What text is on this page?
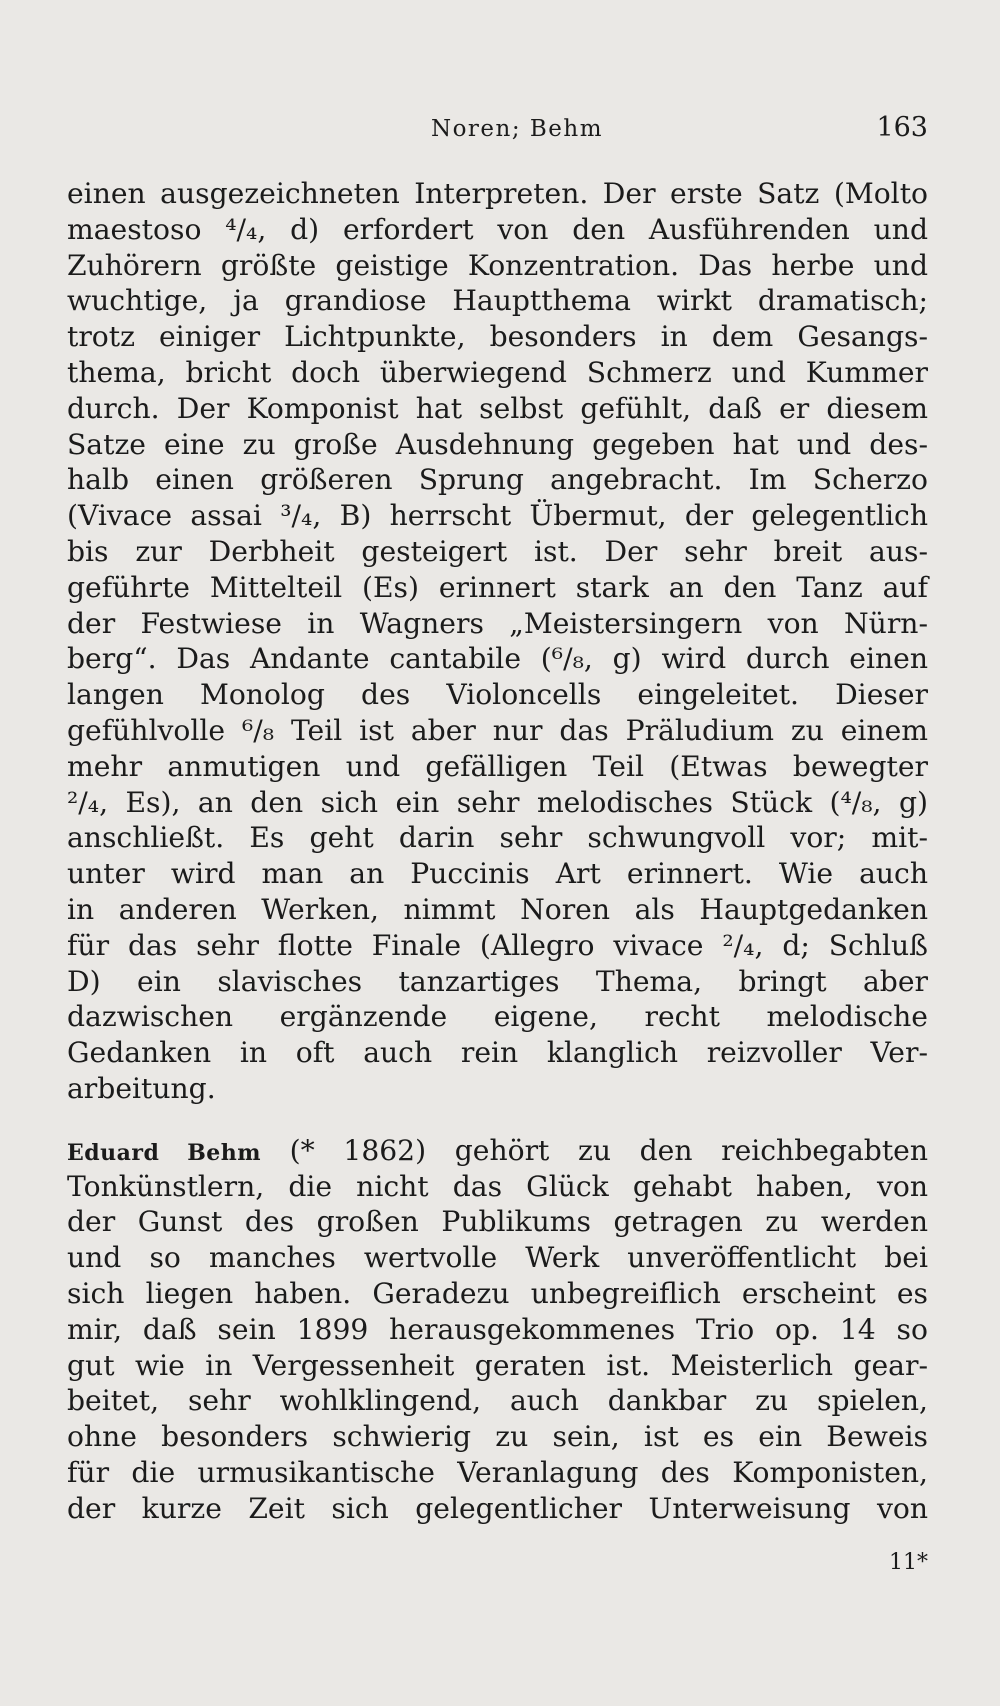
Noren; Behm	163
einen ausgezeichneten Interpreten. Der erste Satz (Molto
maestoso ⁴/₄, d) erfordert von den Ausführenden und
Zuhörern größte geistige Konzentration. Das herbe und
wuchtige, ja grandiose Hauptthema wirkt dramatisch;
trotz einiger Lichtpunkte, besonders in dem Gesangs-
thema, bricht doch überwiegend Schmerz und Kummer
durch. Der Komponist hat selbst gefühlt, daß er diesem
Satze eine zu große Ausdehnung gegeben hat und des-
halb einen größeren Sprung angebracht. Im Scherzo
(Vivace assai ³/₄, B) herrscht Übermut, der gelegentlich
bis zur Derbheit gesteigert ist. Der sehr breit aus-
geführte Mittelteil (Es) erinnert stark an den Tanz auf
der Festwiese in Wagners „Meistersingern von Nürn-
berg“. Das Andante cantabile (⁶/₈, g) wird durch einen
langen Monolog des Violoncells eingeleitet. Dieser
gefühlvolle ⁶/₈ Teil ist aber nur das Präludium zu einem
mehr anmutigen und gefälligen Teil (Etwas bewegter
²/₄, Es), an den sich ein sehr melodisches Stück (⁴/₈, g)
anschließt. Es geht darin sehr schwungvoll vor; mit-
unter wird man an Puccinis Art erinnert. Wie auch
in anderen Werken, nimmt Noren als Hauptgedanken
für das sehr flotte Finale (Allegro vivace ²/₄, d; Schluß
D) ein slavisches tanzartiges Thema, bringt aber
dazwischen ergänzende eigene, recht melodische
Gedanken in oft auch rein klanglich reizvoller Ver-
arbeitung.
Eduard Behm (* 1862) gehört zu den reichbegabten
Tonkünstlern, die nicht das Glück gehabt haben, von
der Gunst des großen Publikums getragen zu werden
und so manches wertvolle Werk unveröffentlicht bei
sich liegen haben. Geradezu unbegreiflich erscheint es
mir, daß sein 1899 herausgekommenes Trio op. 14 so
gut wie in Vergessenheit geraten ist. Meisterlich gear-
beitet, sehr wohlklingend, auch dankbar zu spielen,
ohne besonders schwierig zu sein, ist es ein Beweis
für die urmusikantische Veranlagung des Komponisten,
der kurze Zeit sich gelegentlicher Unterweisung von
11*
